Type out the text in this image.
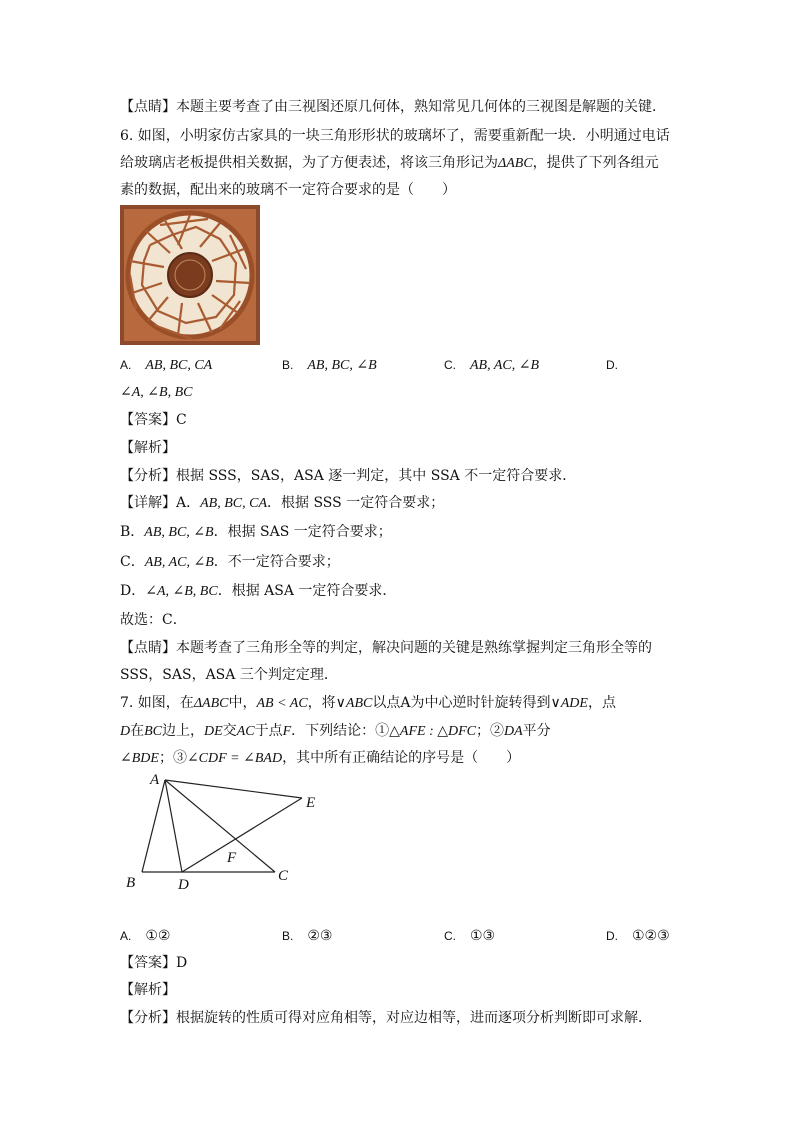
【点睛】本题主要考查了由三视图还原几何体，熟知常见几何体的三视图是解题的关键．
6. 如图，小明家仿古家具的一块三角形形状的玻璃坏了，需要重新配一块．小明通过电话
给玻璃店老板提供相关数据，为了方便表述，将该三角形记为ΔABC，提供了下列各组元
素的数据，配出来的玻璃不一定符合要求的是（　　）
A. AB, BC, CA	B. AB, BC, ∠B	C. AB, AC, ∠B	D.
∠A, ∠B, BC
【答案】C
【解析】
【分析】根据 SSS，SAS，ASA 逐一判定，其中 SSA 不一定符合要求．
【详解】A．AB, BC, CA．根据 SSS 一定符合要求；
B．AB, BC, ∠B．根据 SAS 一定符合要求；
C．AB, AC, ∠B．不一定符合要求；
D．∠A, ∠B, BC．根据 ASA 一定符合要求．
故选：C．
【点睛】本题考查了三角形全等的判定，解决问题的关键是熟练掌握判定三角形全等的
SSS，SAS，ASA 三个判定定理．
7. 如图，在ΔABC中，AB < AC，将∨ABC以点A为中心逆时针旋转得到∨ADE，点
D在BC边上，DE交AC于点F．下列结论：①△AFE : △DFC；②DA平分
∠BDE；③∠CDF = ∠BAD，其中所有正确结论的序号是（　　）
A
B	D
C
E
F
A. ①②	B. ②③	C. ①③	D. ①②③
【答案】D
【解析】
【分析】根据旋转的性质可得对应角相等，对应边相等，进而逐项分析判断即可求解．
